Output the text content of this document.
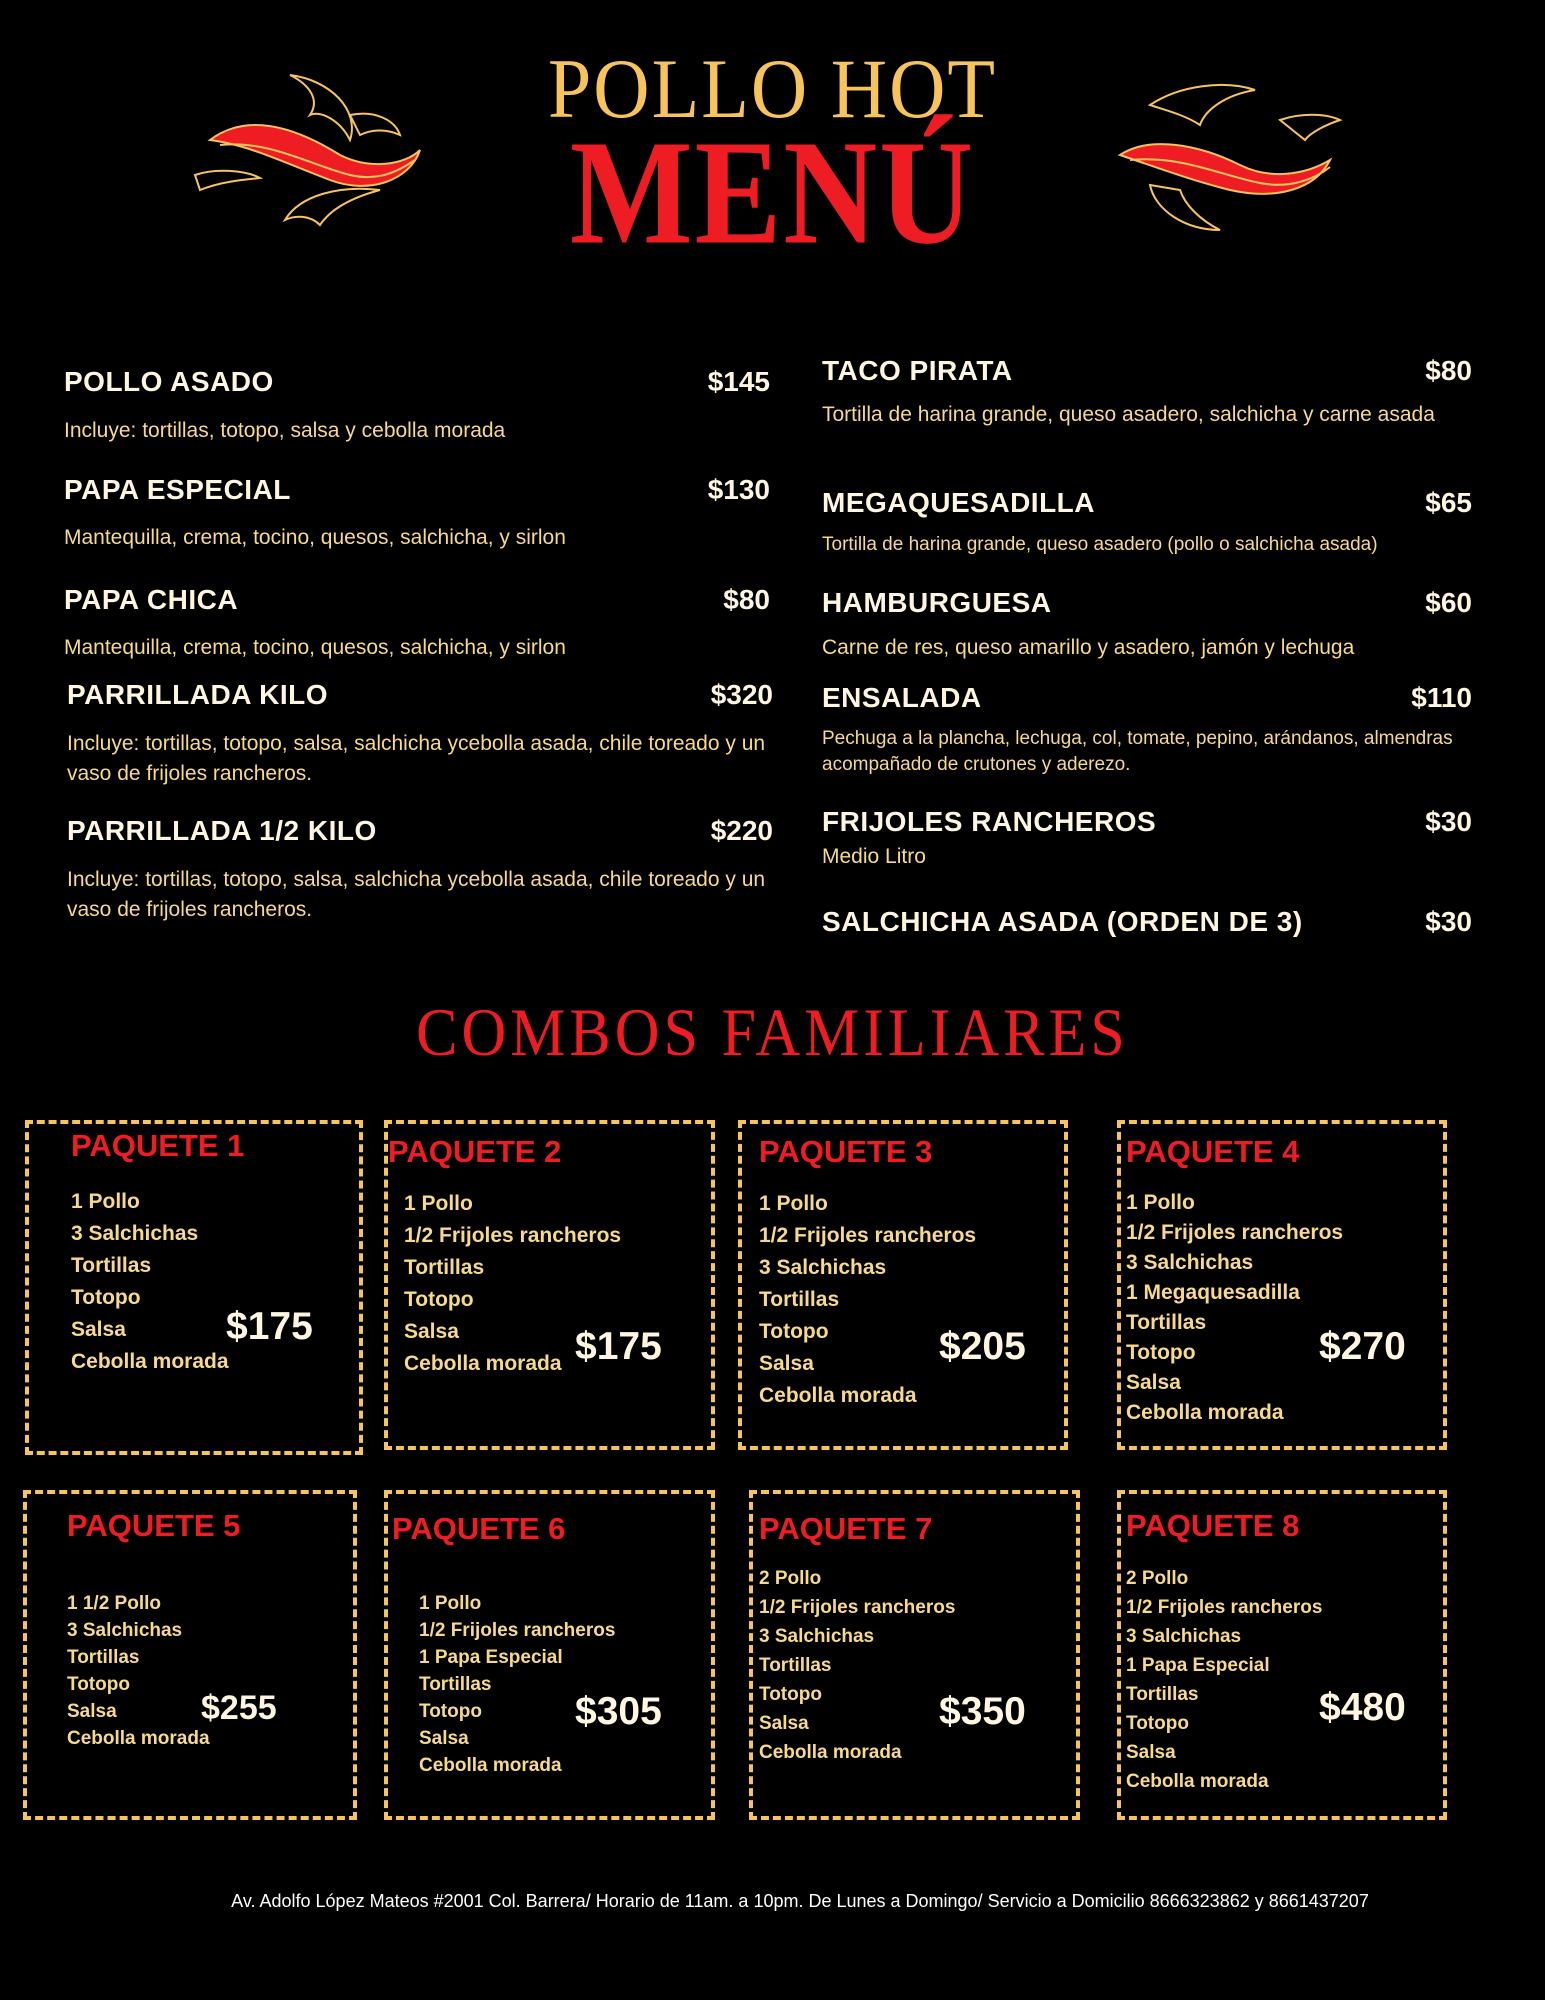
POLLO HOT
MENÚ
POLLO ASADO	$145
Incluye: tortillas, totopo, salsa y cebolla morada
PAPA ESPECIAL	$130
Mantequilla, crema, tocino, quesos, salchicha, y sirlon
PAPA CHICA	$80
Mantequilla, crema, tocino, quesos, salchicha, y sirlon
PARRILLADA KILO	$320
Incluye: tortillas, totopo, salsa, salchicha ycebolla asada, chile toreado y un vaso de frijoles rancheros.
PARRILLADA 1/2 KILO	$220
Incluye: tortillas, totopo, salsa, salchicha ycebolla asada, chile toreado y un vaso de frijoles rancheros.
TACO PIRATA	$80
Tortilla de harina grande, queso asadero, salchicha y carne asada
MEGAQUESADILLA	$65
Tortilla de harina grande, queso asadero (pollo o salchicha asada)
HAMBURGUESA	$60
Carne de res, queso amarillo y asadero, jamón y lechuga
ENSALADA	$110
Pechuga a la plancha, lechuga, col, tomate, pepino, arándanos, almendras acompañado de crutones y aderezo.
FRIJOLES RANCHEROS	$30
Medio Litro
SALCHICHA ASADA (ORDEN DE 3)	$30
COMBOS FAMILIARES
PAQUETE 1
1 Pollo
3 Salchichas
Tortillas
Totopo
Salsa
Cebolla morada
$175
PAQUETE 2
1 Pollo
1/2 Frijoles rancheros
Tortillas
Totopo
Salsa
Cebolla morada $175
PAQUETE 3
1 Pollo
1/2 Frijoles rancheros
3 Salchichas
Tortillas
Totopo
Salsa
Cebolla morada
$205
PAQUETE 4
1 Pollo
1/2 Frijoles rancheros
3 Salchichas
1 Megaquesadilla
Tortillas
Totopo
Salsa
Cebolla morada
$270
PAQUETE 5
1 1/2 Pollo
3 Salchichas
Tortillas
Totopo
Salsa
Cebolla morada
$255
PAQUETE 6
1 Pollo
1/2 Frijoles rancheros
1 Papa Especial
Tortillas
Totopo
Salsa
Cebolla morada
$305
PAQUETE 7
2 Pollo
1/2 Frijoles rancheros
3 Salchichas
Tortillas
Totopo
Salsa
Cebolla morada
$350
PAQUETE 8
2 Pollo
1/2 Frijoles rancheros
3 Salchichas
1 Papa Especial
Tortillas
Totopo
Salsa
Cebolla morada
$480
Av. Adolfo López Mateos #2001 Col. Barrera/ Horario de 11am. a 10pm. De Lunes a Domingo/ Servicio a Domicilio 8666323862 y 8661437207
